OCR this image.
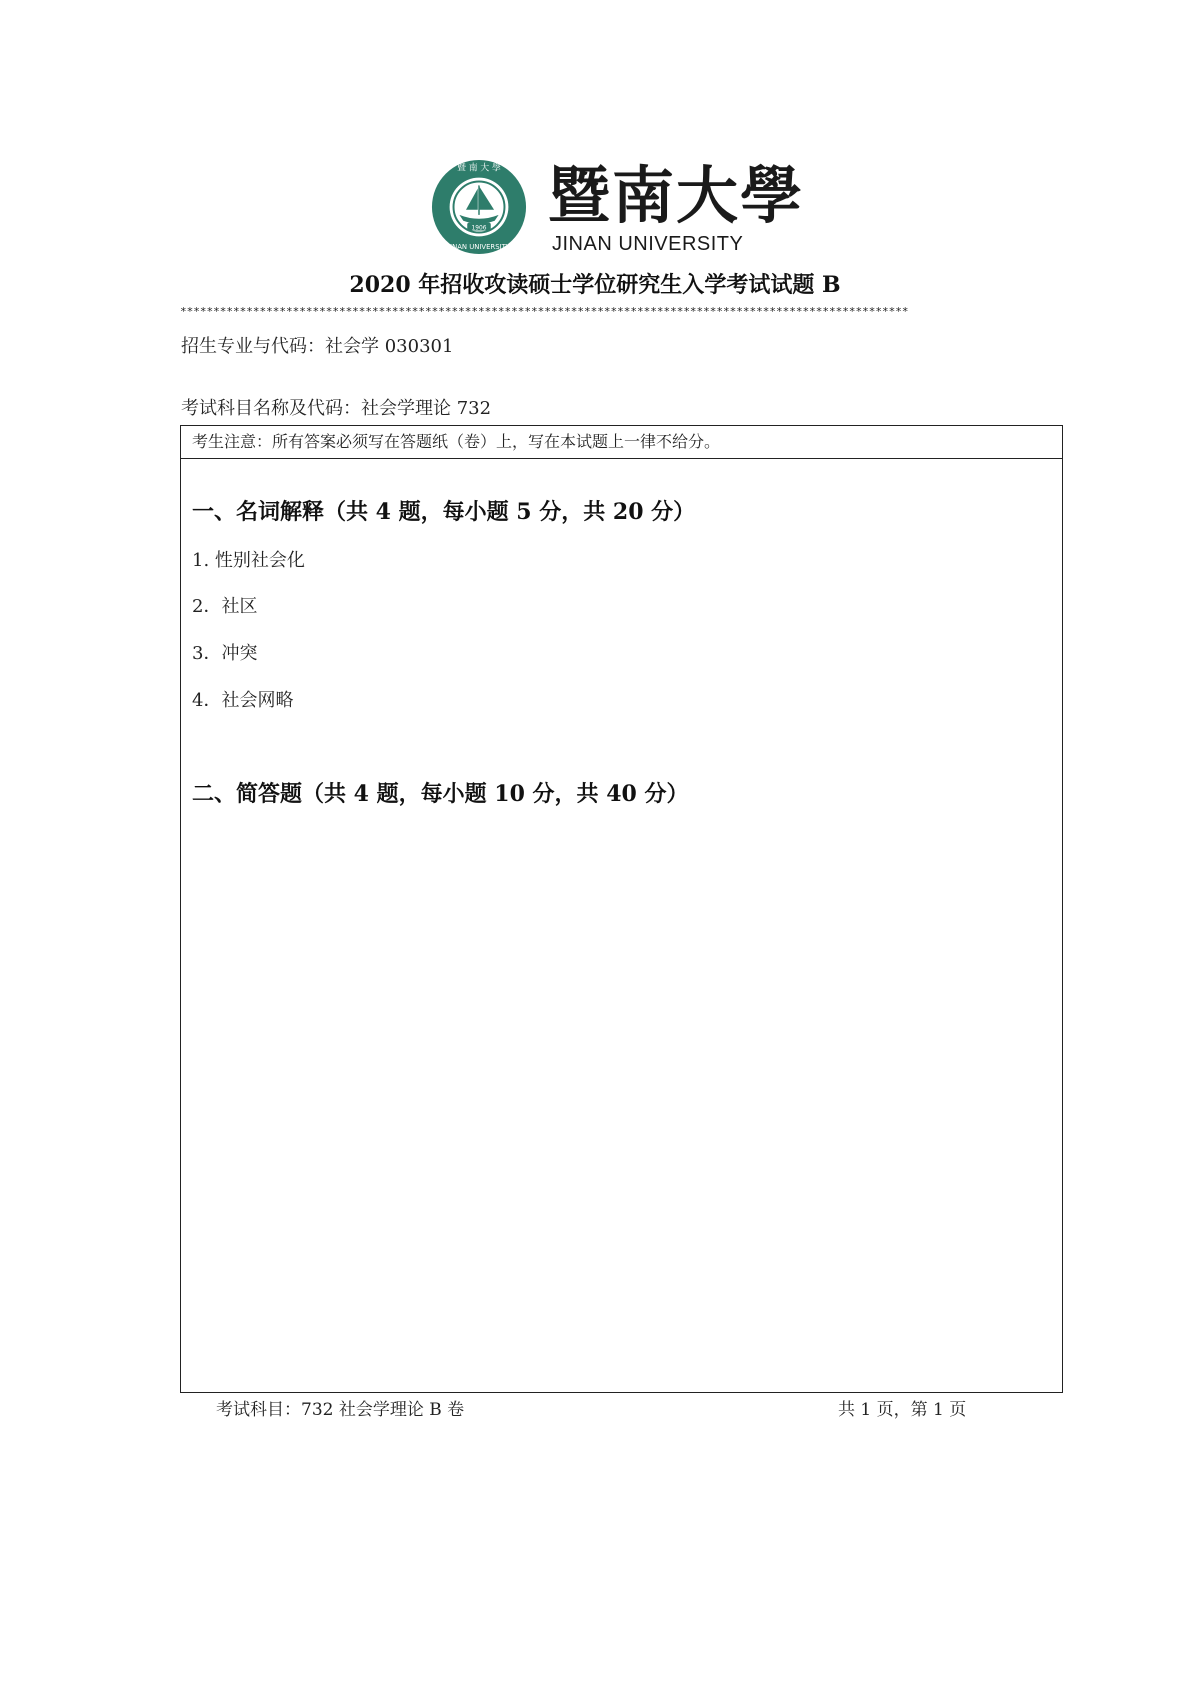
暨 南 大 學
JINAN UNIVERSITY
1906 暨南大學
JINAN UNIVERSITY
2020 年招收攻读硕士学位研究生入学考试试题 B
**************************************************************************************************************
招生专业与代码：社会学 030301
考试科目名称及代码：社会学理论 732
考生注意：所有答案必须写在答题纸（卷）上，写在本试题上一律不给分。
一、名词解释（共 4 题，每小题 5 分，共 20 分）
1. 性别社会化
2．社区
3．冲突
4．社会网略
二、简答题（共 4 题，每小题 10 分，共 40 分）
考试科目：732 社会学理论 B 卷	共 1 页，第 1 页
